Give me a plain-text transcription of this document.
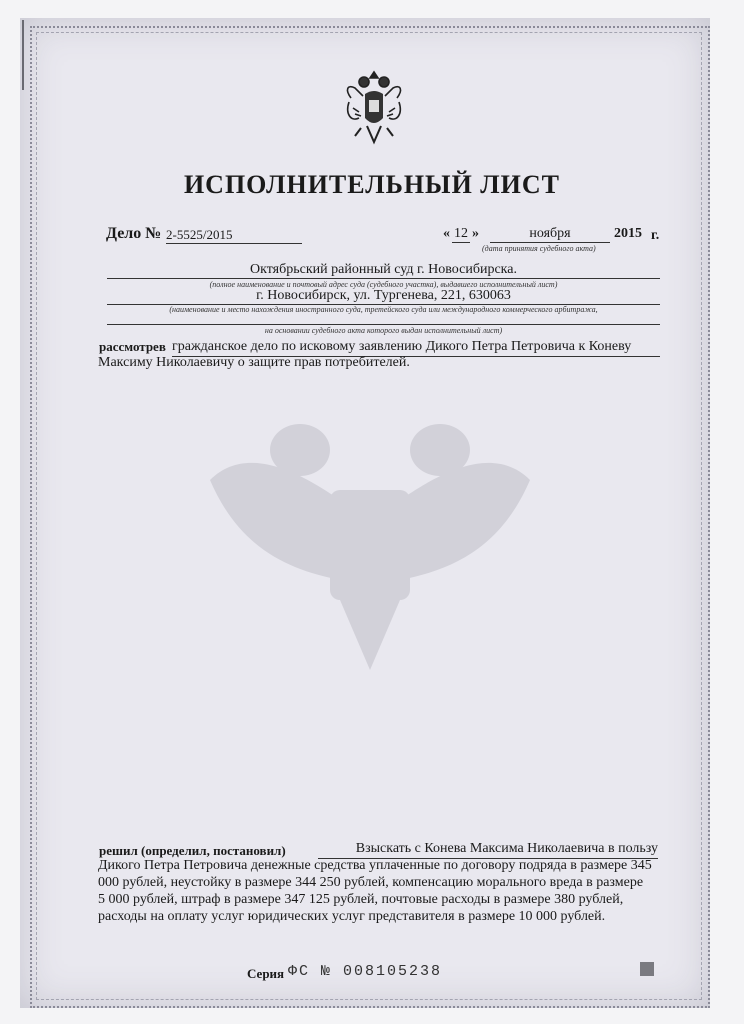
ИСПОЛНИТЕЛЬНЫЙ ЛИСТ
Дело № 2-5525/2015	« 12 »	ноября	2015 г.
(дата принятия судебного акта)
Октябрьский районный суд г. Новосибирска.
(полное наименование и почтовый адрес суда (судебного участка), выдавшего исполнительный лист)
г. Новосибирск, ул. Тургенева, 221, 630063
(наименование и место нахождения иностранного суда, третейского суда или международного коммерческого арбитража,
на основании судебного акта которого выдан исполнительный лист)
рассмотрев гражданское дело по исковому заявлению Дикого Петра Петровича к Коневу
Максиму Николаевичу о защите прав потребителей.
решил (определил, постановил)	Взыскать с Конева Максима Николаевича в пользу
Дикого Петра Петровича денежные средства уплаченные по договору подряда в размере 345
000 рублей, неустойку в размере 344 250 рублей, компенсацию морального вреда в размере
5 000 рублей, штраф в размере 347 125 рублей, почтовые расходы в размере 380 рублей,
расходы на оплату услуг юридических услуг представителя в размере 10 000 рублей.
Серия ФС № 008105238
